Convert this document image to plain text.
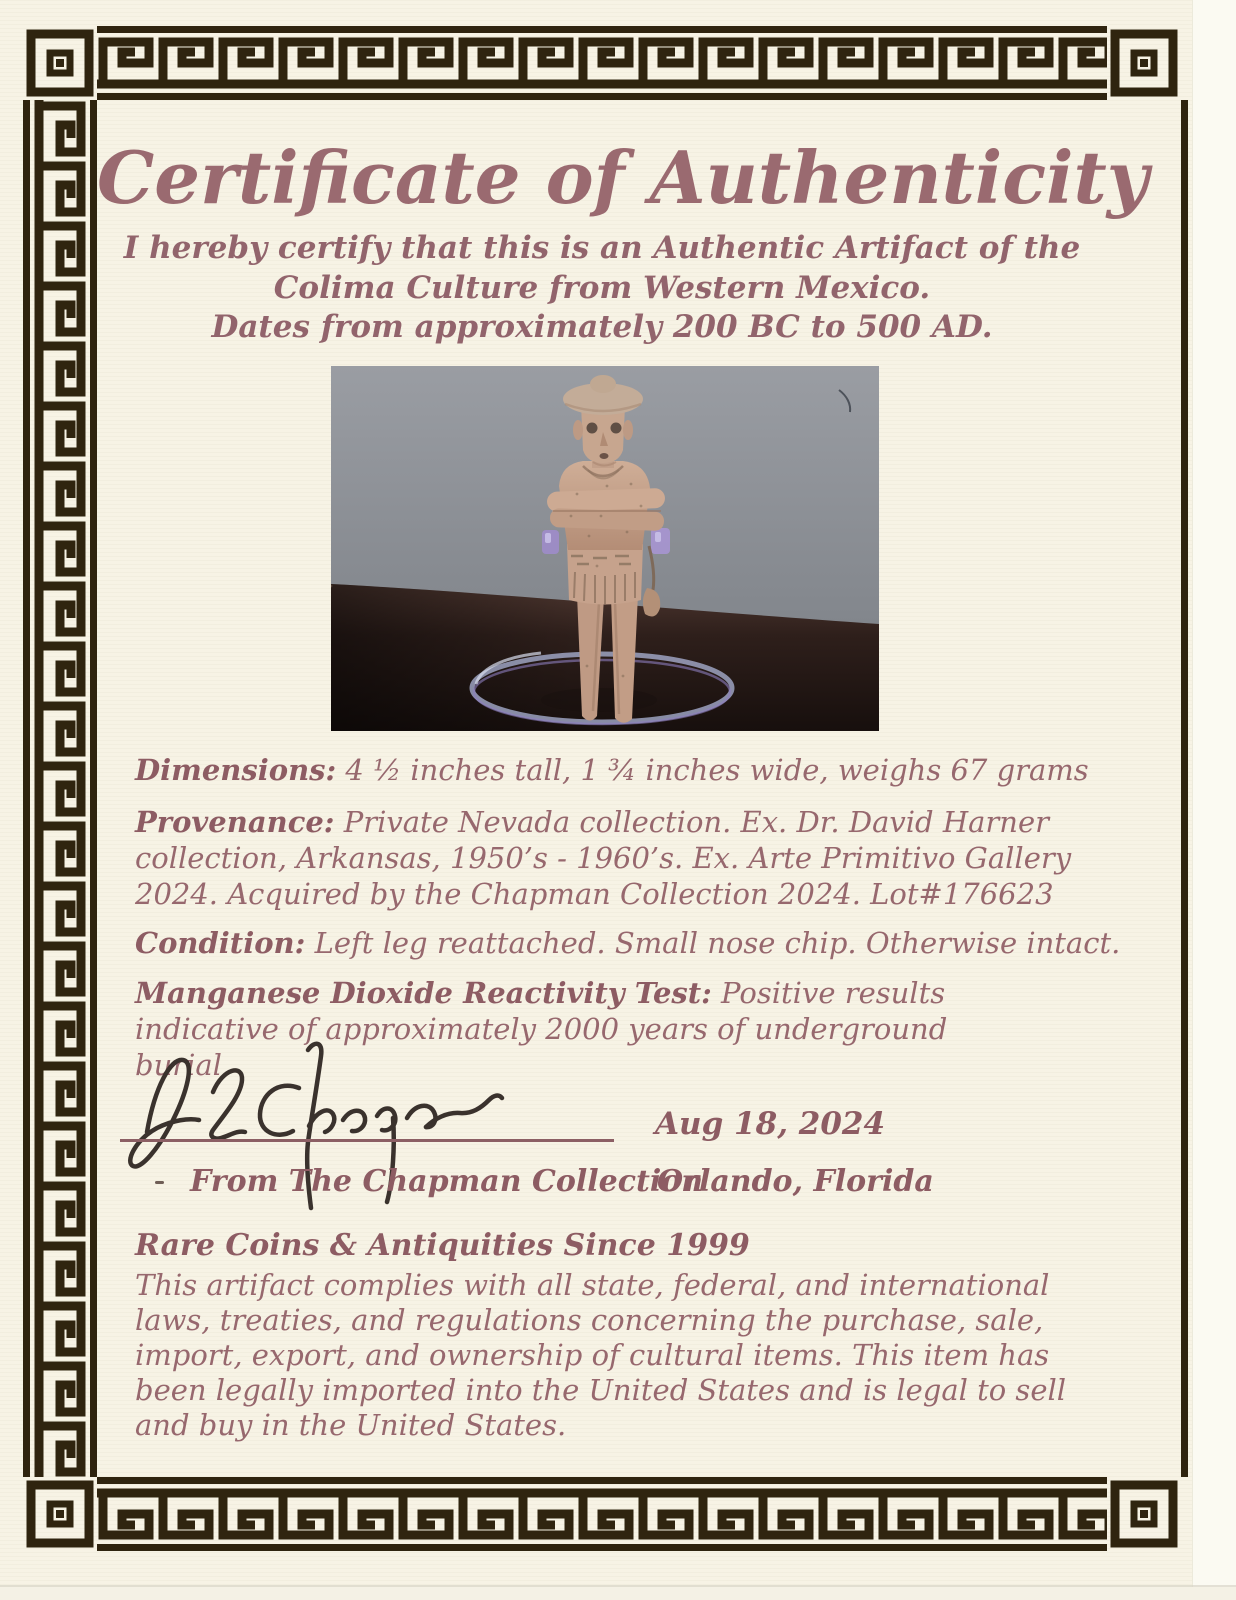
Certificate of Authenticity
I hereby certify that this is an Authentic Artifact of the
Colima Culture from Western Mexico.
Dates from approximately 200 BC to 500 AD.
Dimensions: 4 ½ inches tall, 1 ¾ inches wide, weighs 67 grams
Provenance: Private Nevada collection. Ex. Dr. David Harner collection, Arkansas, 1950’s - 1960’s. Ex. Arte Primitivo Gallery 2024. Acquired by the Chapman Collection 2024. Lot#176623
Condition: Left leg reattached. Small nose chip. Otherwise intact.
Manganese Dioxide Reactivity Test: Positive results indicative of approximately 2000 years of underground burial.
Aug 18, 2024
From The Chapman Collection
Orlando, Florida
Rare Coins & Antiquities Since 1999
This artifact complies with all state, federal, and international laws, treaties, and regulations concerning the purchase, sale, import, export, and ownership of cultural items. This item has been legally imported into the United States and is legal to sell and buy in the United States.
